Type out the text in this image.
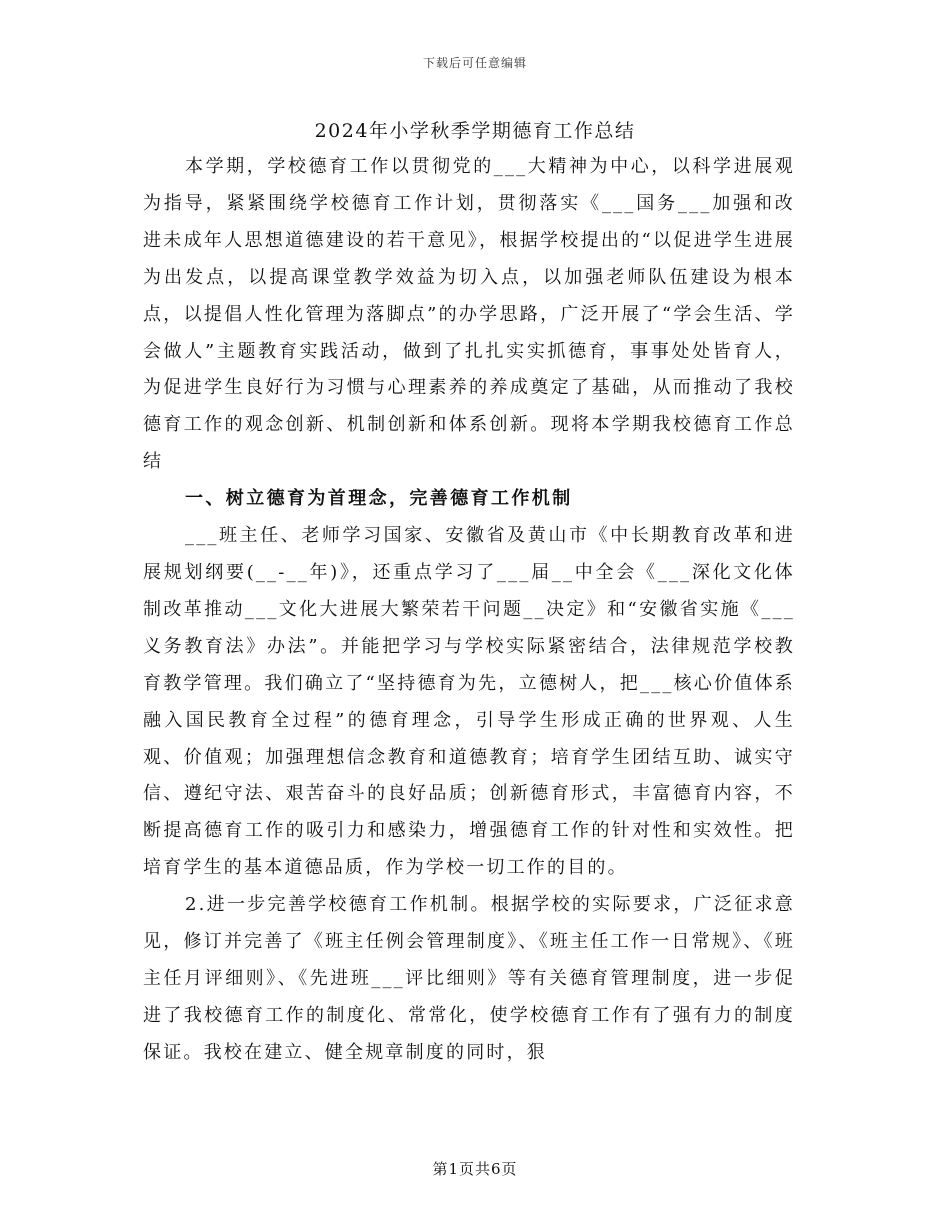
下载后可任意编辑
2024年小学秋季学期德育工作总结

本学期，学校德育工作以贯彻党的___大精神为中心，以科学进展观为指导，紧紧围绕学校德育工作计划，贯彻落实《___国务___加强和改进未成年人思想道德建设的若干意见》，根据学校提出的“以促进学生进展为出发点，以提高课堂教学效益为切入点，以加强老师队伍建设为根本点，以提倡人性化管理为落脚点”的办学思路，广泛开展了“学会生活、学会做人”主题教育实践活动，做到了扎扎实实抓德育，事事处处皆育人，为促进学生良好行为习惯与心理素养的养成奠定了基础，从而推动了我校德育工作的观念创新、机制创新和体系创新。现将本学期我校德育工作总结

一、树立德育为首理念，完善德育工作机制

___班主任、老师学习国家、安徽省及黄山市《中长期教育改革和进展规划纲要(__-__年)》，还重点学习了___届__中全会《___深化文化体制改革推动___文化大进展大繁荣若干问题__决定》和“安徽省实施《___义务教育法》办法”。并能把学习与学校实际紧密结合，法律规范学校教育教学管理。我们确立了“坚持德育为先，立德树人，把___核心价值体系融入国民教育全过程”的德育理念，引导学生形成正确的世界观、人生观、价值观；加强理想信念教育和道德教育；培育学生团结互助、诚实守信、遵纪守法、艰苦奋斗的良好品质；创新德育形式，丰富德育内容，不断提高德育工作的吸引力和感染力，增强德育工作的针对性和实效性。把培育学生的基本道德品质，作为学校一切工作的目的。

2.进一步完善学校德育工作机制。根据学校的实际要求，广泛征求意见，修订并完善了《班主任例会管理制度》、《班主任工作一日常规》、《班主任月评细则》、《先进班___评比细则》等有关德育管理制度，进一步促进了我校德育工作的制度化、常常化，使学校德育工作有了强有力的制度保证。我校在建立、健全规章制度的同时，狠

第1页共6页
